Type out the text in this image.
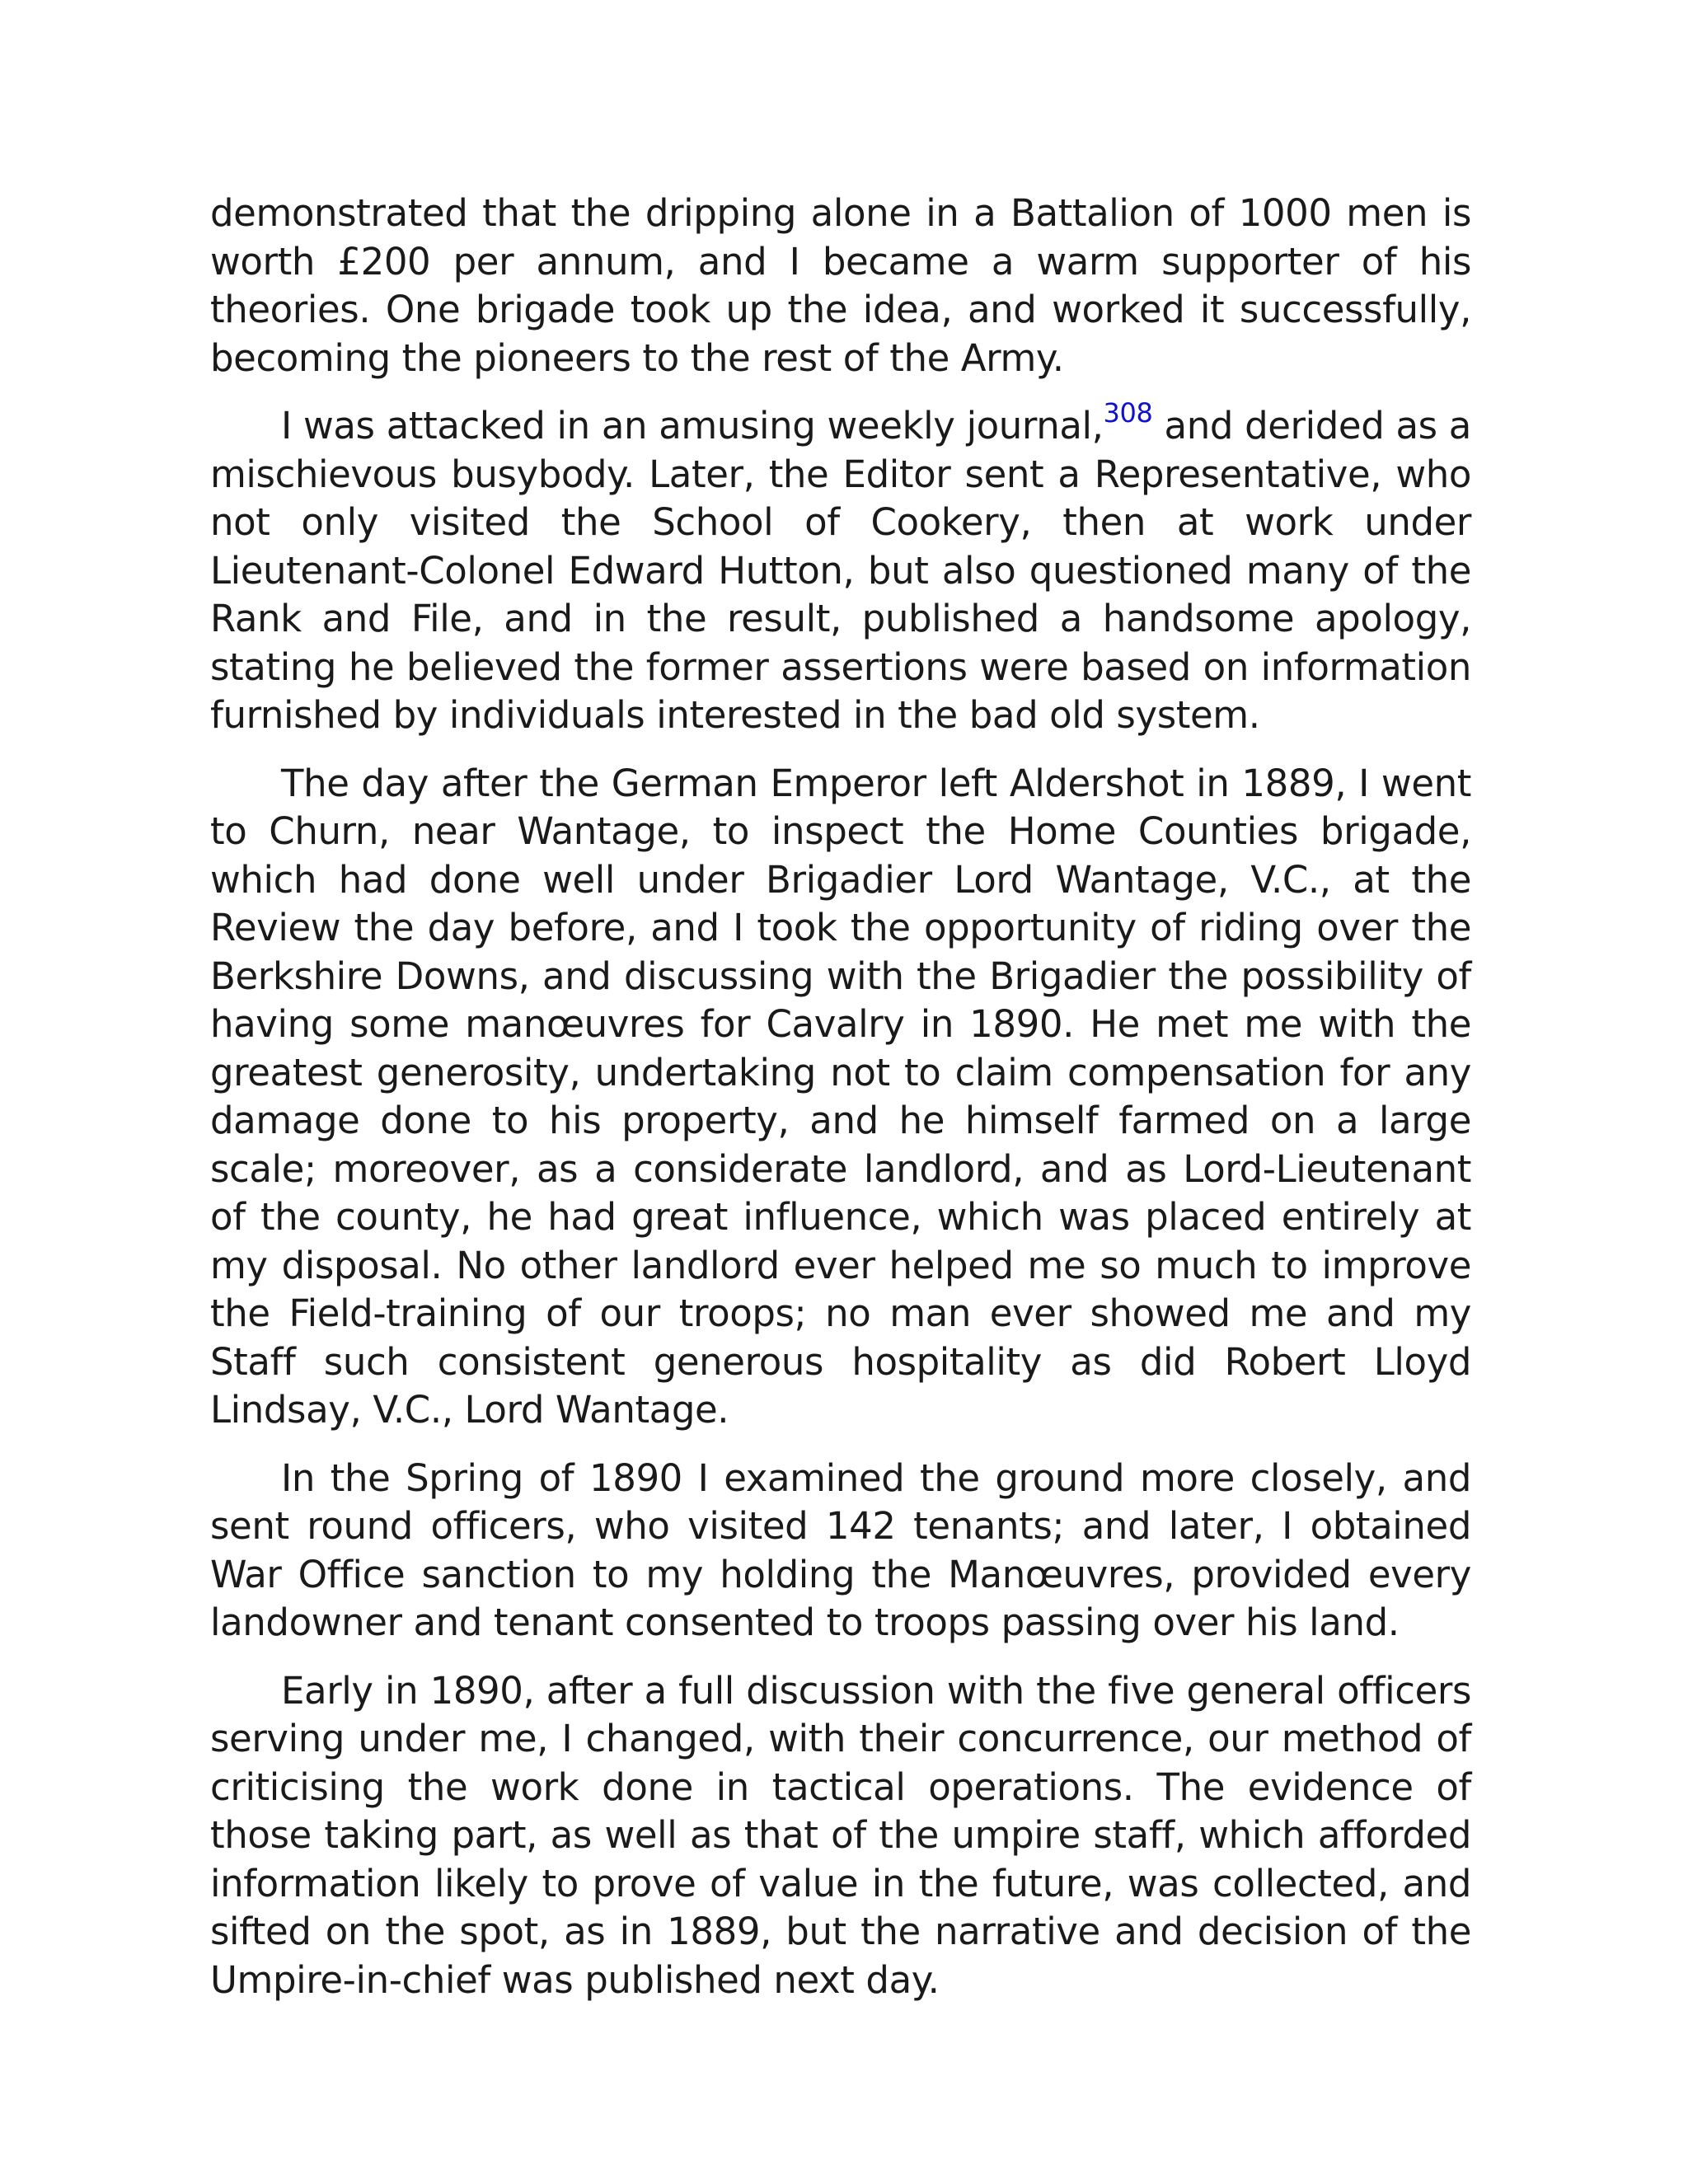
demonstrated that the dripping alone in a Battalion of 1000 men is worth £200 per annum, and I became a warm supporter of his theories. One brigade took up the idea, and worked it successfully, becoming the pioneers to the rest of the Army.

I was attacked in an amusing weekly journal,$^{308}$ and derided as a mischievous busybody. Later, the Editor sent a Representative, who not only visited the School of Cookery, then at work under Lieutenant-Colonel Edward Hutton, but also questioned many of the Rank and File, and in the result, published a handsome apology, stating he believed the former assertions were based on information furnished by individuals interested in the bad old system.

The day after the German Emperor left Aldershot in 1889, I went to Churn, near Wantage, to inspect the Home Counties brigade, which had done well under Brigadier Lord Wantage, V.C., at the Review the day before, and I took the opportunity of riding over the Berkshire Downs, and discussing with the Brigadier the possibility of having some manœuvres for Cavalry in 1890. He met me with the greatest generosity, undertaking not to claim compensation for any damage done to his property, and he himself farmed on a large scale; moreover, as a considerate landlord, and as Lord-Lieutenant of the county, he had great influence, which was placed entirely at my disposal. No other landlord ever helped me so much to improve the Field-training of our troops; no man ever showed me and my Staff such consistent generous hospitality as did Robert Lloyd Lindsay, V.C., Lord Wantage.

In the Spring of 1890 I examined the ground more closely, and sent round officers, who visited 142 tenants; and later, I obtained War Office sanction to my holding the Manœuvres, provided every landowner and tenant consented to troops passing over his land.

Early in 1890, after a full discussion with the five general officers serving under me, I changed, with their concurrence, our method of criticising the work done in tactical operations. The evidence of those taking part, as well as that of the umpire staff, which afforded information likely to prove of value in the future, was collected, and sifted on the spot, as in 1889, but the narrative and decision of the Umpire-in-chief was published next day.
